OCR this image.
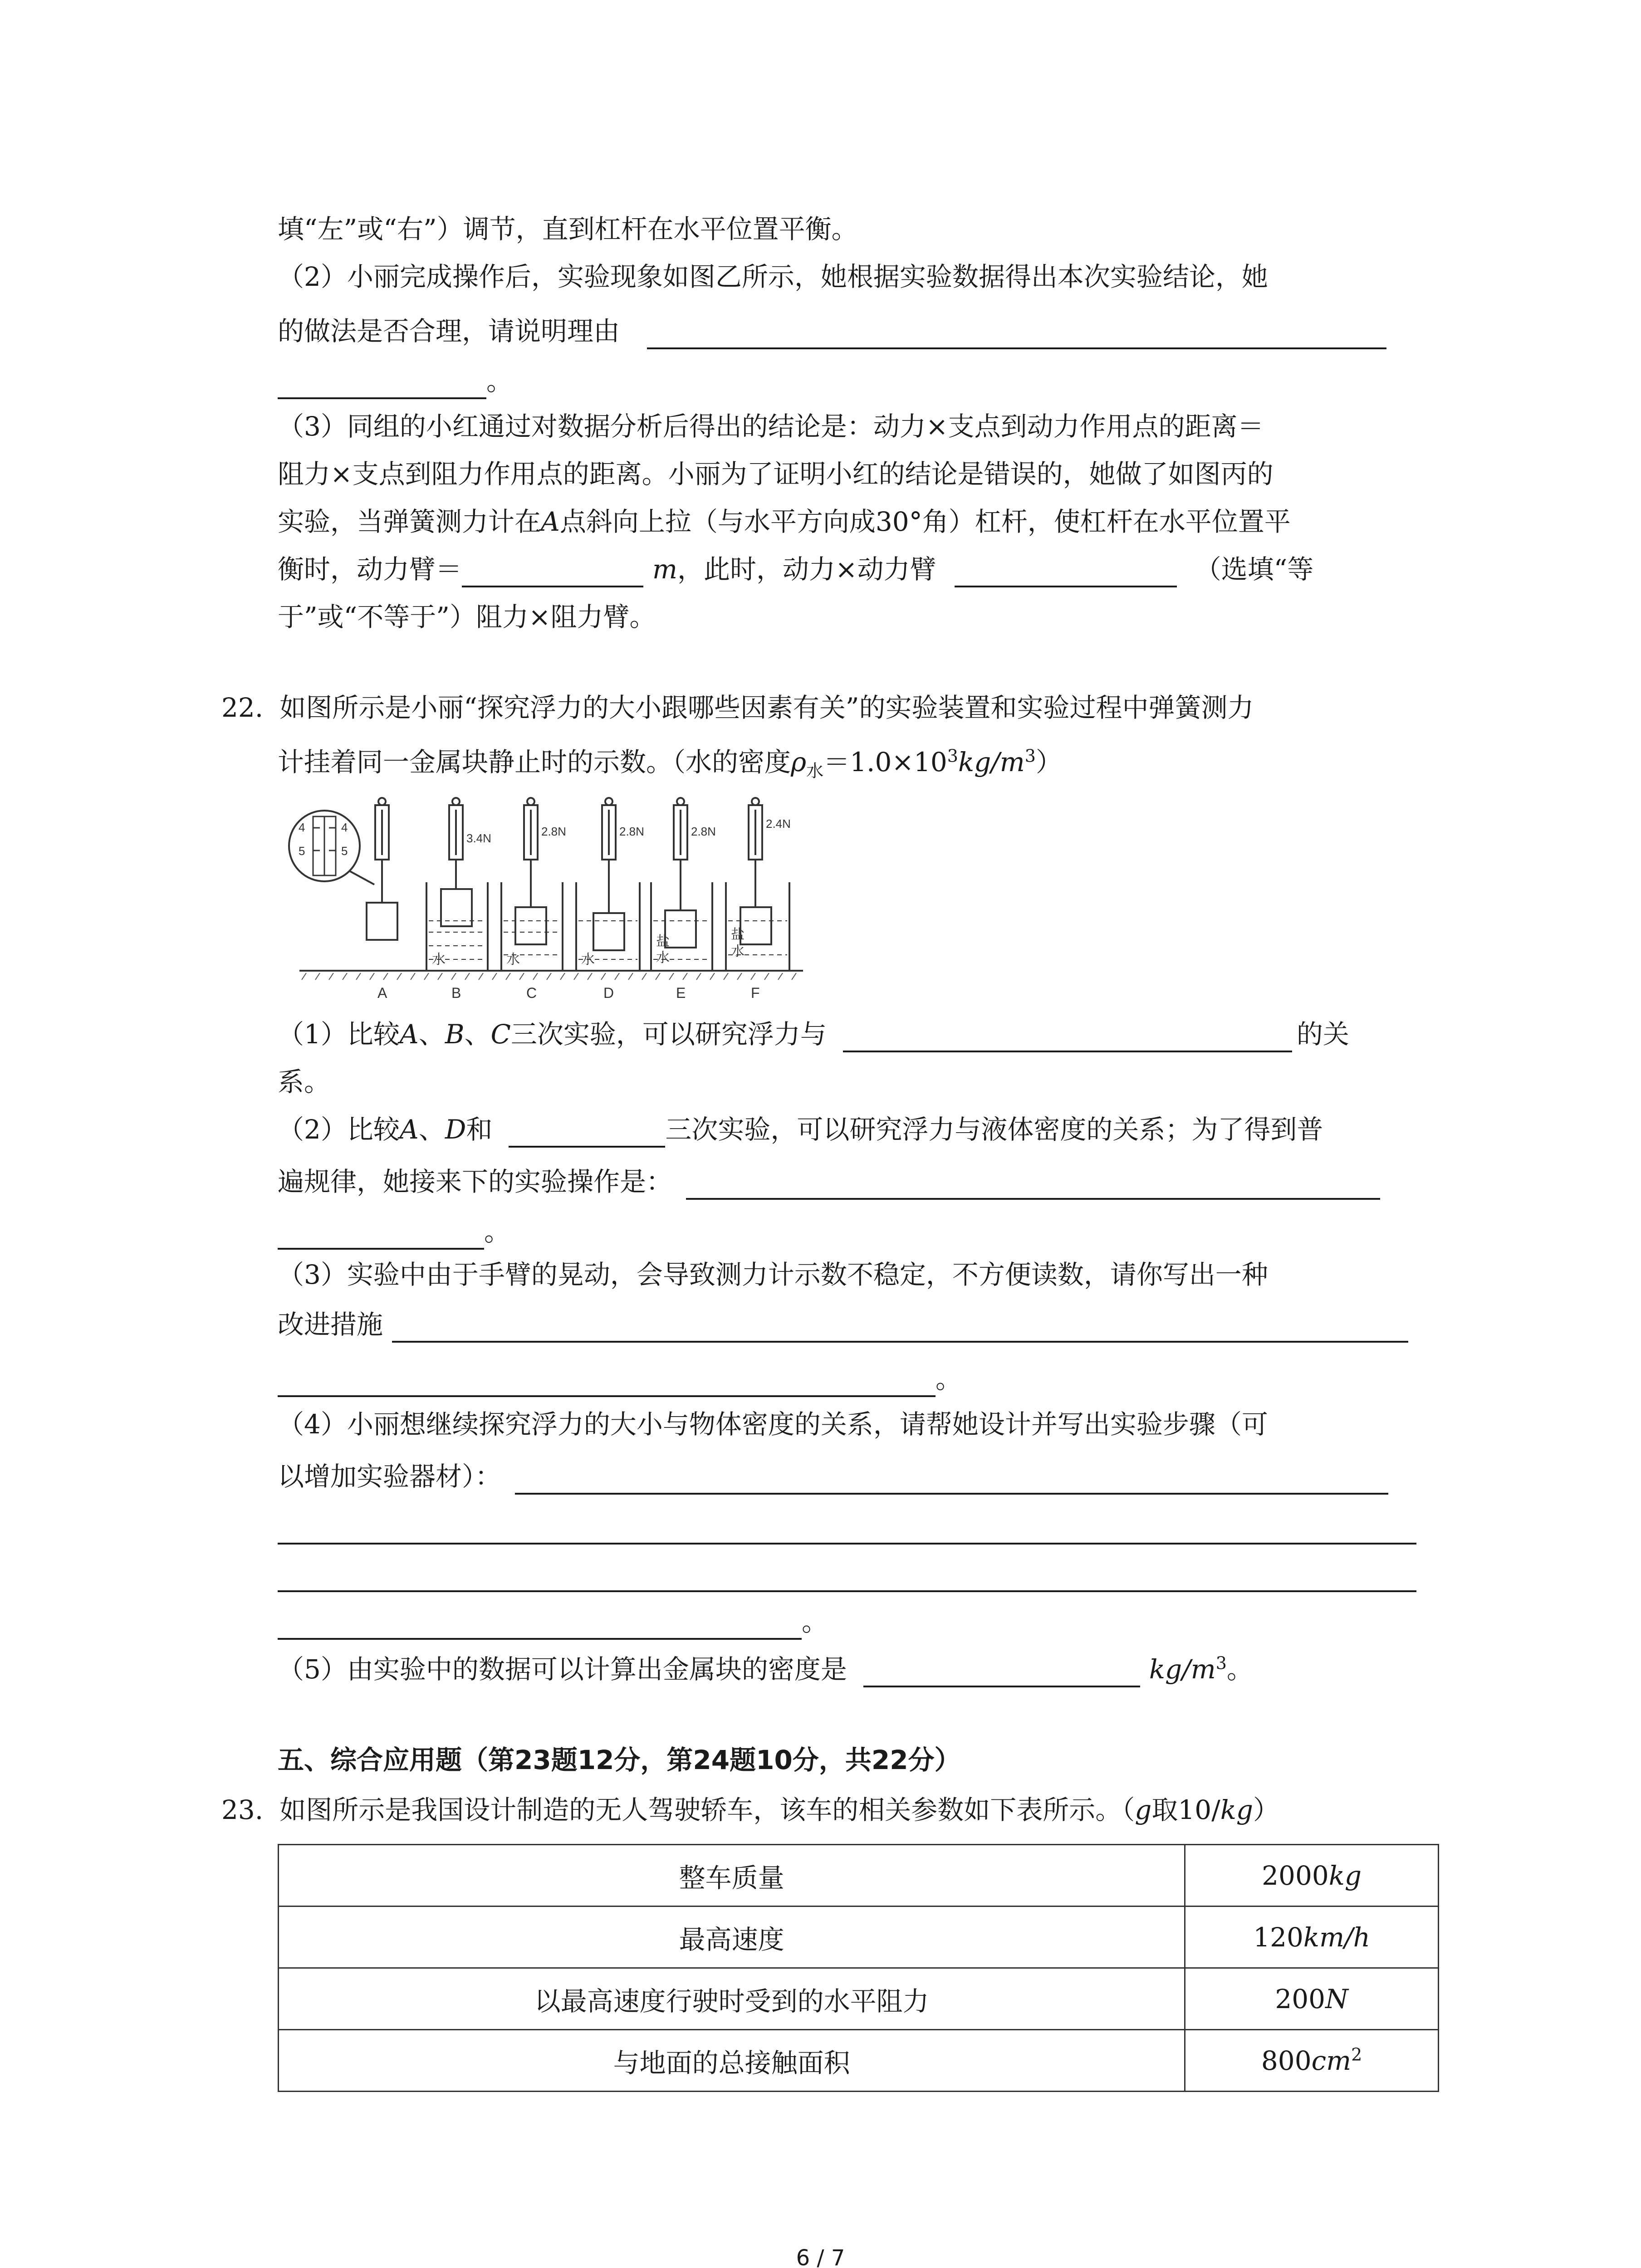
填“左”或“右”）调节，直到杠杆在水平位置平衡。
（2）小丽完成操作后，实验现象如图乙所示，她根据实验数据得出本次实验结论，她
的做法是否合理，请说明理由
。
（3）同组的小红通过对数据分析后得出的结论是：动力×支点到动力作用点的距离＝
阻力×支点到阻力作用点的距离。小丽为了证明小红的结论是错误的，她做了如图丙的
实验，当弹簧测力计在A点斜向上拉（与水平方向成30°角）杠杆，使杠杆在水平位置平
衡时，动力臂＝	m，此时，动力×动力臂	（选填“等
于”或“不等于”）阻力×阻力臂。
22. 如图所示是小丽“探究浮力的大小跟哪些因素有关”的实验装置和实验过程中弹簧测力
计挂着同一金属块静止时的示数。（水的密度$\rho_水=1.0\times 10^3kg/m^3$）
4
5
4
5
3.4N	2.8N	2.8N	2.8N
2.4N
水	水	水
盐
水
盐
水
A	B	C	D	E	F
（1）比较A、B、C三次实验，可以研究浮力与	的关
系。
（2）比较A、D和	三次实验，可以研究浮力与液体密度的关系；为了得到普
遍规律，她接来下的实验操作是：
。
（3）实验中由于手臂的晃动，会导致测力计示数不稳定，不方便读数，请你写出一种
改进措施
。
（4）小丽想继续探究浮力的大小与物体密度的关系，请帮她设计并写出实验步骤（可
以增加实验器材）：
。
（5）由实验中的数据可以计算出金属块的密度是	$kg/m^3$。
五、综合应用题（第23题12分，第24题10分，共22分）
23. 如图所示是我国设计制造的无人驾驶轿车，该车的相关参数如下表所示。（g取10/kg）
整车质量	2000kg
最高速度	120km/h
以最高速度行驶时受到的水平阻力	200N
与地面的总接触面积	$800cm^2$
6 / 7
